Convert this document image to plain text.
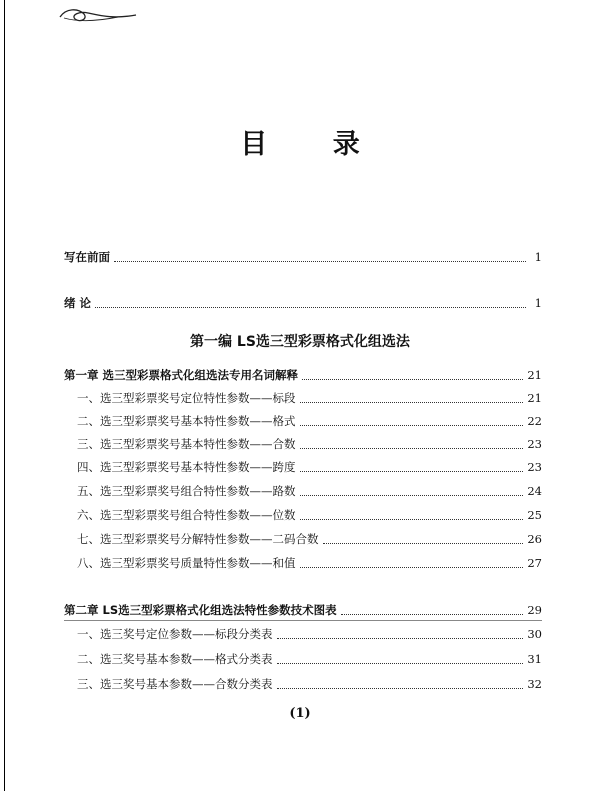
目 录
写在前面	1
绪 论	1
第一编 LS选三型彩票格式化组选法
第一章 选三型彩票格式化组选法专用名词解释	21
一、选三型彩票奖号定位特性参数——标段	21
二、选三型彩票奖号基本特性参数——格式	22
三、选三型彩票奖号基本特性参数——合数	23
四、选三型彩票奖号基本特性参数——跨度	23
五、选三型彩票奖号组合特性参数——路数	24
六、选三型彩票奖号组合特性参数——位数	25
七、选三型彩票奖号分解特性参数——二码合数	26
八、选三型彩票奖号质量特性参数——和值	27
第二章 LS选三型彩票格式化组选法特性参数技术图表	29
一、选三奖号定位参数——标段分类表	30
二、选三奖号基本参数——格式分类表	31
三、选三奖号基本参数——合数分类表	32
(1)
